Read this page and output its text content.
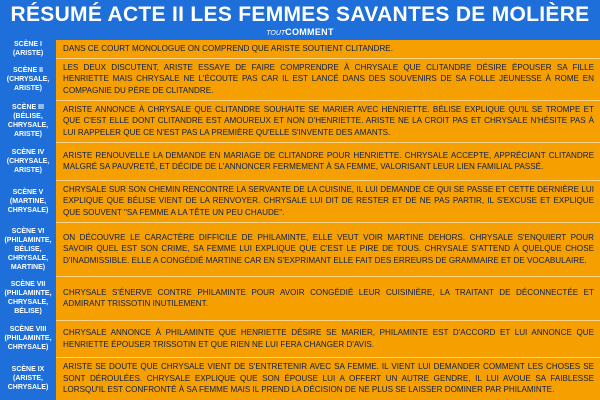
RÉSUMÉ ACTE II LES FEMMES SAVANTES DE MOLIÈRE
TOUTCOMMENT
SCÈNE I (ARISTE)
DANS CE COURT MONOLOGUE ON COMPREND QUE ARISTE SOUTIENT CLITANDRE.
SCÈNE II (CHRYSALE, ARISTE)
LES DEUX DISCUTENT, ARISTE ESSAYE DE FAIRE COMPRENDRE À CHRYSALE QUE CLITANDRE DÉSIRE ÉPOUSER SA FILLE HENRIETTE MAIS CHRYSALE NE L'ÉCOUTE PAS CAR IL EST LANCÉ DANS DES SOUVENIRS DE SA FOLLE JEUNESSE À ROME EN COMPAGNIE DU PÈRE DE CLITANDRE.
SCÈNE III (BÉLISE, CHRYSALE, ARISTE)
ARISTE ANNONCE À CHRYSALE QUE CLITANDRE SOUHAITE SE MARIER AVEC HENRIETTE. BÉLISE EXPLIQUE QU'IL SE TROMPE ET QUE C'EST ELLE DONT CLITANDRE EST AMOUREUX ET NON D'HENRIETTE. ARISTE NE LA CROIT PAS ET CHRYSALE N'HÉSITE PAS À LUI RAPPELER QUE CE N'EST PAS LA PREMIÈRE QU'ELLE S'INVENTE DES AMANTS.
SCÈNE IV (CHRYSALE, ARISTE)
ARISTE RENOUVELLE LA DEMANDE EN MARIAGE DE CLITANDRE POUR HENRIETTE. CHRYSALE ACCEPTE, APPRÉCIANT CLITANDRE MALGRÉ SA PAUVRETÉ, ET DÉCIDE DE L'ANNONCER FERMEMENT À SA FEMME, VALORISANT LEUR LIEN FAMILIAL PASSÉ.
SCÈNE V (MARTINE, CHRYSALE)
CHRYSALE SUR SON CHEMIN RENCONTRE LA SERVANTE DE LA CUISINE, IL LUI DEMANDE CE QUI SE PASSE ET CETTE DERNIÈRE LUI EXPLIQUE QUE BÉLISE VIENT DE LA RENVOYER. CHRYSALE LUI DIT DE RESTER ET DE NE PAS PARTIR, IL S'EXCUSE ET EXPLIQUE QUE SOUVENT "SA FEMME A LA TÊTE UN PEU CHAUDE".
SCÈNE VI (PHILAMINTE, BÉLISE, CHRYSALE, MARTINE)
ON DÉCOUVRE LE CARACTÈRE DIFFICILE DE PHILAMINTE, ELLE VEUT VOIR MARTINE DEHORS. CHRYSALE S'ENQUIERT POUR SAVOIR QUEL EST SON CRIME, SA FEMME LUI EXPLIQUE QUE C'EST LE PIRE DE TOUS. CHRYSALE S'ATTEND À QUELQUE CHOSE D'INADMISSIBLE. ELLE A CONGÉDIÉ MARTINE CAR EN S'EXPRIMANT ELLE FAIT DES ERREURS DE GRAMMAIRE ET DE VOCABULAIRE.
SCÈNE VII (PHILAMINTE, CHRYSALE, BÉLISE)
CHRYSALE S'ÉNERVE CONTRE PHILAMINTE POUR AVOIR CONGÉDIÉ LEUR CUISINIÈRE, LA TRAITANT DE DÉCONNECTÉE ET ADMIRANT TRISSOTIN INUTILEMENT.
SCÈNE VIII (PHILAMINTE, CHRYSALE)
CHRYSALE ANNONCE À PHILAMINTE QUE HENRIETTE DÉSIRE SE MARIER, PHILAMINTE EST D'ACCORD ET LUI ANNONCE QUE HENRIETTE ÉPOUSER TRISSOTIN ET QUE RIEN NE LUI FERA CHANGER D'AVIS.
SCÈNE IX (ARISTE, CHRYSALE)
ARISTE SE DOUTE QUE CHRYSALE VIENT DE S'ENTRETENIR AVEC SA FEMME. IL VIENT LUI DEMANDER COMMENT LES CHOSES SE SONT DÉROULÉES. CHRYSALE EXPLIQUE QUE SON ÉPOUSE LUI A OFFERT UN AUTRE GENDRE, IL LUI AVOUE SA FAIBLESSE LORSQU'IL EST CONFRONTÉ À SA FEMME MAIS IL PREND LA DÉCISION DE NE PLUS SE LAISSER DOMINER PAR PHILAMINTE.
